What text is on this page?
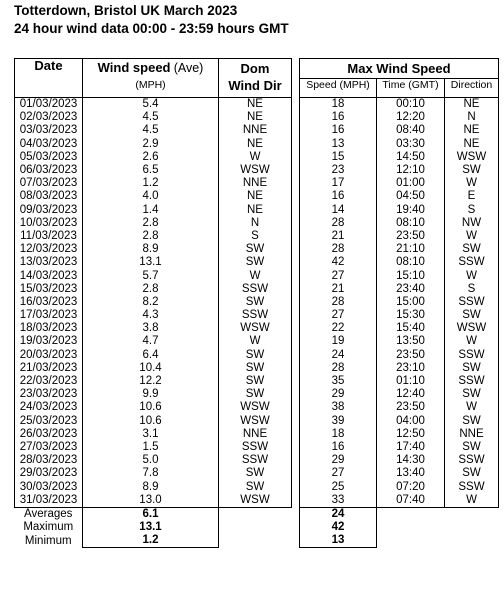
Totterdown, Bristol UK March 2023
24 hour wind data 00:00 - 23:59 hours GMT
Date	Wind speed (Ave)	Dom		Max Wind Speed		
	(MPH)	Wind Dir		Speed (MPH)	Time (GMT)	Direction
01/03/2023	5.4	NE		18	00:10	NE
02/03/2023	4.5	NE		16	12:20	N
03/03/2023	4.5	NNE		16	08:40	NE
04/03/2023	2.9	NE		13	03:30	NE
05/03/2023	2.6	W		15	14:50	WSW
06/03/2023	6.5	WSW		23	12:10	SW
07/03/2023	1.2	NNE		17	01:00	W
08/03/2023	4.0	NE		16	04:50	E
09/03/2023	1.4	NE		14	19:40	S
10/03/2023	2.8	N		28	08:10	NW
11/03/2023	2.8	S		21	23:50	W
12/03/2023	8.9	SW		28	21:10	SW
13/03/2023	13.1	SW		42	08:10	SSW
14/03/2023	5.7	W		27	15:10	W
15/03/2023	2.8	SSW		21	23:40	S
16/03/2023	8.2	SW		28	15:00	SSW
17/03/2023	4.3	SSW		27	15:30	SW
18/03/2023	3.8	WSW		22	15:40	WSW
19/03/2023	4.7	W		19	13:50	W
20/03/2023	6.4	SW		24	23:50	SSW
21/03/2023	10.4	SW		28	23:10	SW
22/03/2023	12.2	SW		35	01:10	SSW
23/03/2023	9.9	SW		29	12:40	SW
24/03/2023	10.6	WSW		38	23:50	W
25/03/2023	10.6	WSW		39	04:00	SW
26/03/2023	3.1	NNE		18	12:50	NNE
27/03/2023	1.5	SSW		16	17:40	SW
28/03/2023	5.0	SSW		29	14:30	SSW
29/03/2023	7.8	SW		27	13:40	SW
30/03/2023	8.9	SW		25	07:20	SSW
31/03/2023	13.0	WSW		33	07:40	W
Averages	6.1			24		
Maximum	13.1			42		
Minimum	1.2			13		
